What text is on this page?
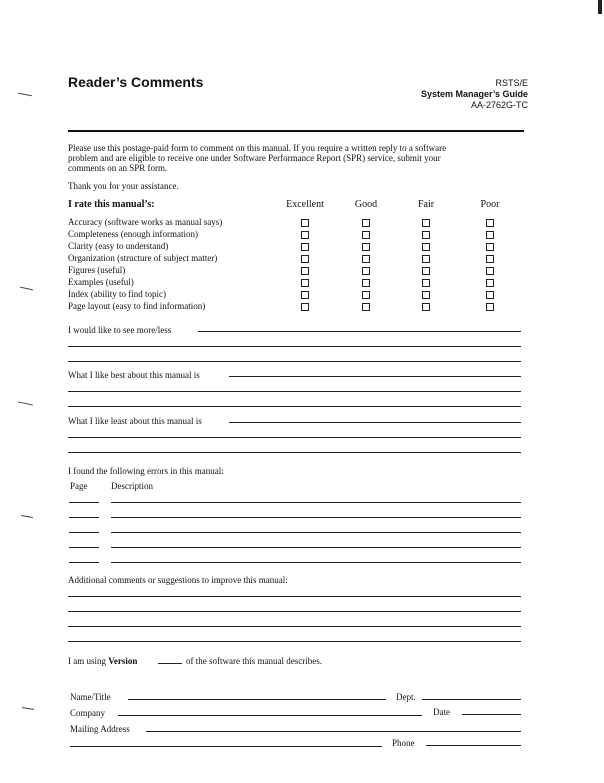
Reader’s Comments	RSTS/E
System Manager’s Guide
AA-2762G-TC
Please use this postage-paid form to comment on this manual. If you require a written reply to a software
problem and are eligible to receive one under Software Performance Report (SPR) service, submit your
comments on an SPR form.
Thank you for your assistance.
I rate this manual’s:	Excellent	Good	Fair	Poor
Accuracy (software works as manual says)
Completeness (enough information)
Clarity (easy to understand)
Organization (structure of subject matter)
Figures (useful)
Examples (useful)
Index (ability to find topic)
Page layout (easy to find information)
I would like to see more/less
What I like best about this manual is
What I like least about this manual is
I found the following errors in this manual:
Page	Description
Additional comments or suggestions to improve this manual:
I am using Version	of the software this manual describes.
Name/Title	Dept.
Company	Date
Mailing Address
Phone
